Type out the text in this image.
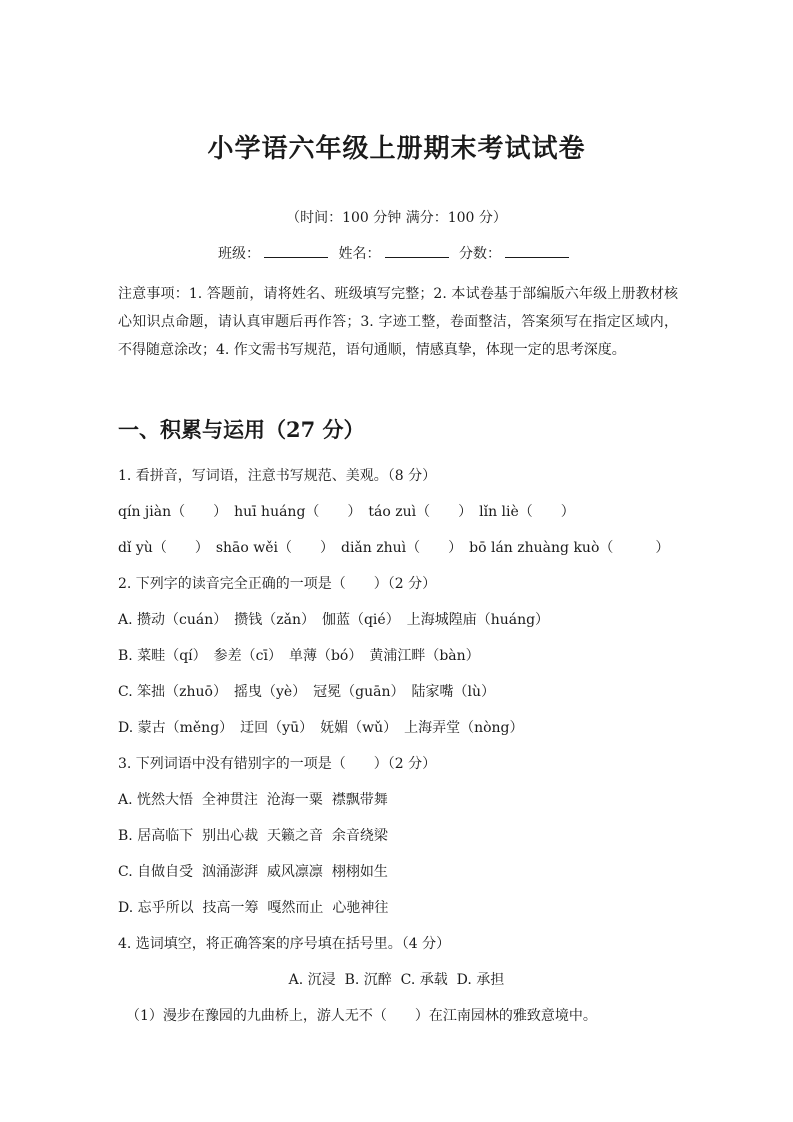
小学语六年级上册期末考试试卷
（时间：100 分钟 满分：100 分）
班级：	姓名：	分数：
注意事项：1. 答题前，请将姓名、班级填写完整；2. 本试卷基于部编版六年级上册教材核心知识点命题，请认真审题后再作答；3. 字迹工整，卷面整洁，答案须写在指定区域内，不得随意涂改；4. 作文需书写规范，语句通顺，情感真挚，体现一定的思考深度。
一、积累与运用（27 分）
1. 看拼音，写词语，注意书写规范、美观。（8 分）
qín jiàn（　　）　huī huáng（　　）　táo zuì（　　）　lǐn liè（　　）
dǐ yù（　　）　shāo wěi（　　）　diǎn zhuì（　　）　bō lán zhuàng kuò（　　　）
2. 下列字的读音完全正确的一项是（　　）（2 分）
A. 攒动（cuán）　攒钱（zǎn）　伽蓝（qié）　上海城隍庙（huáng）
B. 菜畦（qí）　参差（cī）　单薄（bó）　黄浦江畔（bàn）
C. 笨拙（zhuō）　摇曳（yè）　冠冕（guān）　陆家嘴（lù）
D. 蒙古（měng）　迂回（yū）　妩媚（wǔ）　上海弄堂（nòng）
3. 下列词语中没有错别字的一项是（　　）（2 分）
A. 恍然大悟  全神贯注  沧海一粟  襟飘带舞
B. 居高临下  别出心裁  天籁之音  余音绕梁
C. 自做自受  汹涌澎湃  威风凛凛  栩栩如生
D. 忘乎所以  技高一筹  嘎然而止  心驰神往
4. 选词填空，将正确答案的序号填在括号里。（4 分）
A. 沉浸  B. 沉醉  C. 承载  D. 承担
（1）漫步在豫园的九曲桥上，游人无不（　　）在江南园林的雅致意境中。
